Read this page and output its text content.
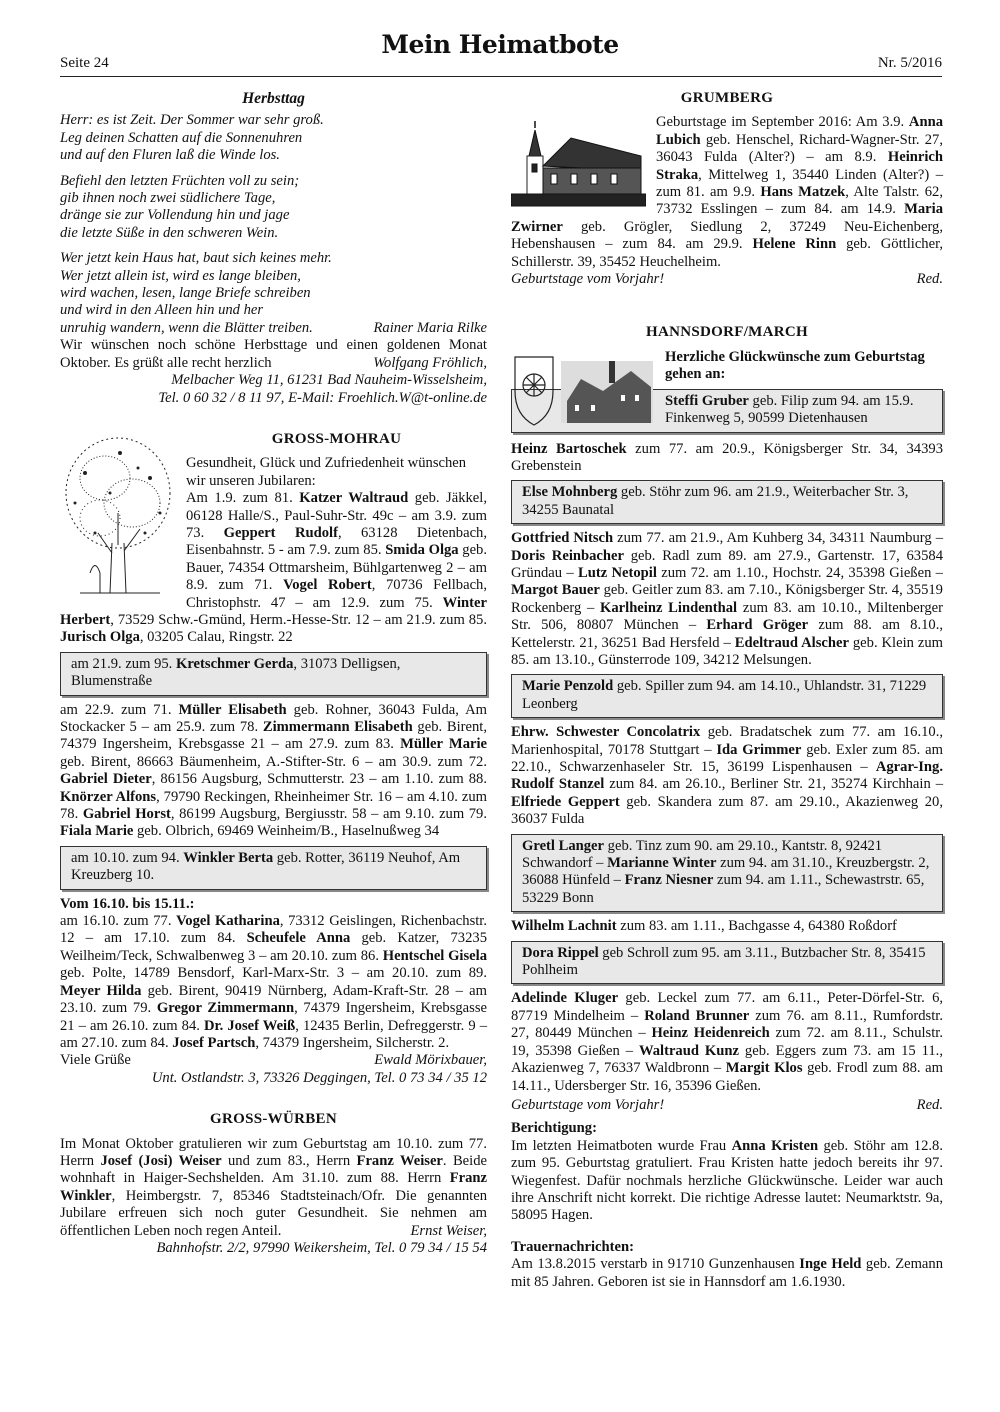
Seite 24
Mein Heimatbote
Nr. 5/2016
Herbsttag
Herr: es ist Zeit. Der Sommer war sehr groß.
Leg deinen Schatten auf die Sonnenuhren
und auf den Fluren laß die Winde los.
Befiehl den letzten Früchten voll zu sein;
gib ihnen noch zwei südlichere Tage,
dränge sie zur Vollendung hin und jage
die letzte Süße in den schweren Wein.
Wer jetzt kein Haus hat, baut sich keines mehr.
Wer jetzt allein ist, wird es lange bleiben,
wird wachen, lesen, lange Briefe schreiben
und wird in den Alleen hin und her
unruhig wandern, wenn die Blätter treiben.	Rainer Maria Rilke

Wir wünschen noch schöne Herbsttage und einen goldenen Monat Oktober. Es grüßt alle recht herzlich	Wolfgang Fröhlich,

Melbacher Weg 11, 61231 Bad Nauheim-Wisselsheim,

Tel. 0 60 32 / 8 11 97, E-Mail: Froehlich.W@t-online.de

GROSS-MOHRAU

Gesundheit, Glück und Zufriedenheit wünschen wir unseren Jubilaren:

Am 1.9. zum 81. Katzer Waltraud geb. Jäkkel, 06128 Halle/S., Paul-Suhr-Str. 49c – am 3.9. zum 73. Geppert Rudolf, 63128 Dietenbach, Eisenbahnstr. 5 - am 7.9. zum 85. Smida Olga geb. Bauer, 74354 Ottmarsheim, Bühlgartenweg 2 – am 8.9. zum 71. Vogel Robert, 70736 Fellbach, Christophstr. 47 – am 12.9. zum 75. Winter Herbert, 73529 Schw.-Gmünd, Herm.-Hesse-Str. 12 – am 21.9. zum 85. Jurisch Olga, 03205 Calau, Ringstr. 22

am 21.9. zum 95. Kretschmer Gerda, 31073 Delligsen, Blumenstraße

am 22.9. zum 71. Müller Elisabeth geb. Rohner, 36043 Fulda, Am Stockacker 5 – am 25.9. zum 78. Zimmermann Elisabeth geb. Birent, 74379 Ingersheim, Krebsgasse 21 – am 27.9. zum 83. Müller Marie geb. Birent, 86663 Bäumenheim, A.-Stifter-Str. 6 – am 30.9. zum 72. Gabriel Dieter, 86156 Augsburg, Schmutterstr. 23 – am 1.10. zum 88. Knörzer Alfons, 79790 Reckingen, Rheinheimer Str. 16 – am 4.10. zum 78. Gabriel Horst, 86199 Augsburg, Bergiusstr. 58 – am 9.10. zum 79. Fiala Marie geb. Olbrich, 69469 Weinheim/B., Haselnußweg 34

am 10.10. zum 94. Winkler Berta geb. Rotter, 36119 Neuhof, Am Kreuzberg 10.

Vom 16.10. bis 15.11.:

am 16.10. zum 77. Vogel Katharina, 73312 Geislingen, Richenbachstr. 12 – am 17.10. zum 84. Scheufele Anna geb. Katzer, 73235 Weilheim/Teck, Schwalbenweg 3 – am 20.10. zum 86. Hentschel Gisela geb. Polte, 14789 Bensdorf, Karl-Marx-Str. 3 – am 20.10. zum 89. Meyer Hilda geb. Birent, 90419 Nürnberg, Adam-Kraft-Str. 28 – am 23.10. zum 79. Gregor Zimmermann, 74379 Ingersheim, Krebsgasse 21 – am 26.10. zum 84. Dr. Josef Weiß, 12435 Berlin, Defreggerstr. 9 – am 27.10. zum 84. Josef Partsch, 74379 Ingersheim, Silcherstr. 2.

Viele Grüße	Ewald Mörixbauer,

Unt. Ostlandstr. 3, 73326 Deggingen, Tel. 0 73 34 / 35 12

GROSS-WÜRBEN

Im Monat Oktober gratulieren wir zum Geburtstag am 10.10. zum 77. Herrn Josef (Josi) Weiser und zum 83., Herrn Franz Weiser. Beide wohnhaft in Haiger-Sechshelden. Am 31.10. zum 88. Herrn Franz Winkler, Heimbergstr. 7, 85346 Stadtsteinach/Ofr. Die genannten Jubilare erfreuen sich noch guter Gesundheit. Sie nehmen am öffentlichen Leben noch regen Anteil.	Ernst Weiser,

Bahnhofstr. 2/2, 97990 Weikersheim, Tel. 0 79 34 / 15 54

GRUMBERG

Geburtstage im September 2016: Am 3.9. Anna Lubich geb. Henschel, Richard-Wagner-Str. 27, 36043 Fulda (Alter?) – am 8.9. Heinrich Straka, Mittelweg 1, 35440 Linden (Alter?) – zum 81. am 9.9. Hans Matzek, Alte Talstr. 62, 73732 Esslingen – zum 84. am 14.9. Maria Zwirner geb. Grögler, Siedlung 2, 37249 Neu-Eichenberg, Hebenshausen – zum 84. am 29.9. Helene Rinn geb. Göttlicher, Schillerstr. 39, 35452 Heuchelheim.

Geburtstage vom Vorjahr!	Red.
HANNSDORF/MARCH

Herzliche Glückwünsche zum Geburtstag gehen an:

Steffi Gruber geb. Filip zum 94. am 15.9. Finkenweg 5, 90599 Dietenhausen

Heinz Bartoschek zum 77. am 20.9., Königsberger Str. 34, 34393 Grebenstein

Else Mohnberg geb. Stöhr zum 96. am 21.9., Weiterbacher Str. 3, 34255 Baunatal

Gottfried Nitsch zum 77. am 21.9., Am Kuhberg 34, 34311 Naumburg – Doris Reinbacher geb. Radl zum 89. am 27.9., Gartenstr. 17, 63584 Gründau – Lutz Netopil zum 72. am 1.10., Hochstr. 24, 35398 Gießen – Margot Bauer geb. Geitler zum 83. am 7.10., Königsberger Str. 4, 35519 Rockenberg – Karlheinz Lindenthal zum 83. am 10.10., Miltenberger Str. 506, 80807 München – Erhard Gröger zum 88. am 8.10., Kettelerstr. 21, 36251 Bad Hersfeld – Edeltraud Alscher geb. Klein zum 85. am 13.10., Günsterrode 109, 34212 Melsungen.

Marie Penzold geb. Spiller zum 94. am 14.10., Uhlandstr. 31, 71229 Leonberg

Ehrw. Schwester Concolatrix geb. Bradatschek zum 77. am 16.10., Marienhospital, 70178 Stuttgart – Ida Grimmer geb. Exler zum 85. am 22.10., Schwarzenhaseler Str. 15, 36199 Lispenhausen – Agrar-Ing. Rudolf Stanzel zum 84. am 26.10., Berliner Str. 21, 35274 Kirchhain – Elfriede Geppert geb. Skandera zum 87. am 29.10., Akazienweg 20, 36037 Fulda

Gretl Langer geb. Tinz zum 90. am 29.10., Kantstr. 8, 92421 Schwandorf – Marianne Winter zum 94. am 31.10., Kreuzbergstr. 2, 36088 Hünfeld – Franz Niesner zum 94. am 1.11., Schewastrstr. 65, 53229 Bonn

Wilhelm Lachnit zum 83. am 1.11., Bachgasse 4, 64380 Roßdorf

Dora Rippel geb Schroll zum 95. am 3.11., Butzbacher Str. 8, 35415 Pohlheim

Adelinde Kluger geb. Leckel zum 77. am 6.11., Peter-Dörfel-Str. 6, 87719 Mindelheim – Roland Brunner zum 76. am 8.11., Rumfordstr. 27, 80449 München – Heinz Heidenreich zum 72. am 8.11., Schulstr. 19, 35398 Gießen – Waltraud Kunz geb. Eggers zum 73. am 15 11., Akazienweg 7, 76337 Waldbronn – Margit Klos geb. Frodl zum 88. am 14.11., Udersberger Str. 16, 35396 Gießen.

Geburtstage vom Vorjahr!	Red.

Berichtigung:

Im letzten Heimatboten wurde Frau Anna Kristen geb. Stöhr am 12.8. zum 95. Geburtstag gratuliert. Frau Kristen hatte jedoch bereits ihr 97. Wiegenfest. Dafür nochmals herzliche Glückwünsche. Leider war auch ihre Anschrift nicht korrekt. Die richtige Adresse lautet: Neumarktstr. 9a, 58095 Hagen.

Trauernachrichten:

Am 13.8.2015 verstarb in 91710 Gunzenhausen Inge Held geb. Zemann mit 85 Jahren. Geboren ist sie in Hannsdorf am 1.6.1930.
